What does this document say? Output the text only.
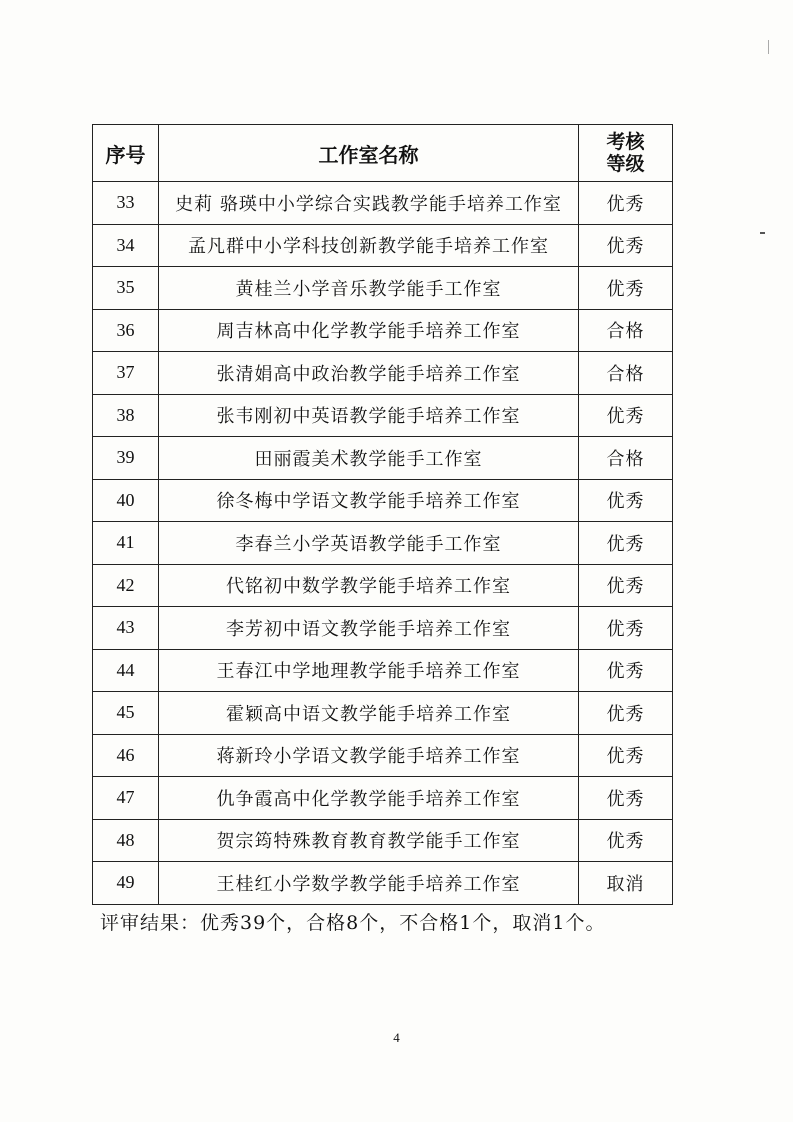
序号	工作室名称	考核
等级
33	史莉 骆瑛中小学综合实践教学能手培养工作室	优秀
34	孟凡群中小学科技创新教学能手培养工作室	优秀
35	黄桂兰小学音乐教学能手工作室	优秀
36	周吉林高中化学教学能手培养工作室	合格
37	张清娟高中政治教学能手培养工作室	合格
38	张韦刚初中英语教学能手培养工作室	优秀
39	田丽霞美术教学能手工作室	合格
40	徐冬梅中学语文教学能手培养工作室	优秀
41	李春兰小学英语教学能手工作室	优秀
42	代铭初中数学教学能手培养工作室	优秀
43	李芳初中语文教学能手培养工作室	优秀
44	王春江中学地理教学能手培养工作室	优秀
45	霍颖高中语文教学能手培养工作室	优秀
46	蒋新玲小学语文教学能手培养工作室	优秀
47	仇争霞高中化学教学能手培养工作室	优秀
48	贺宗筠特殊教育教育教学能手工作室	优秀
49	王桂红小学数学教学能手培养工作室	取消
评审结果：优秀39个，合格8个，不合格1个，取消1个。
4
